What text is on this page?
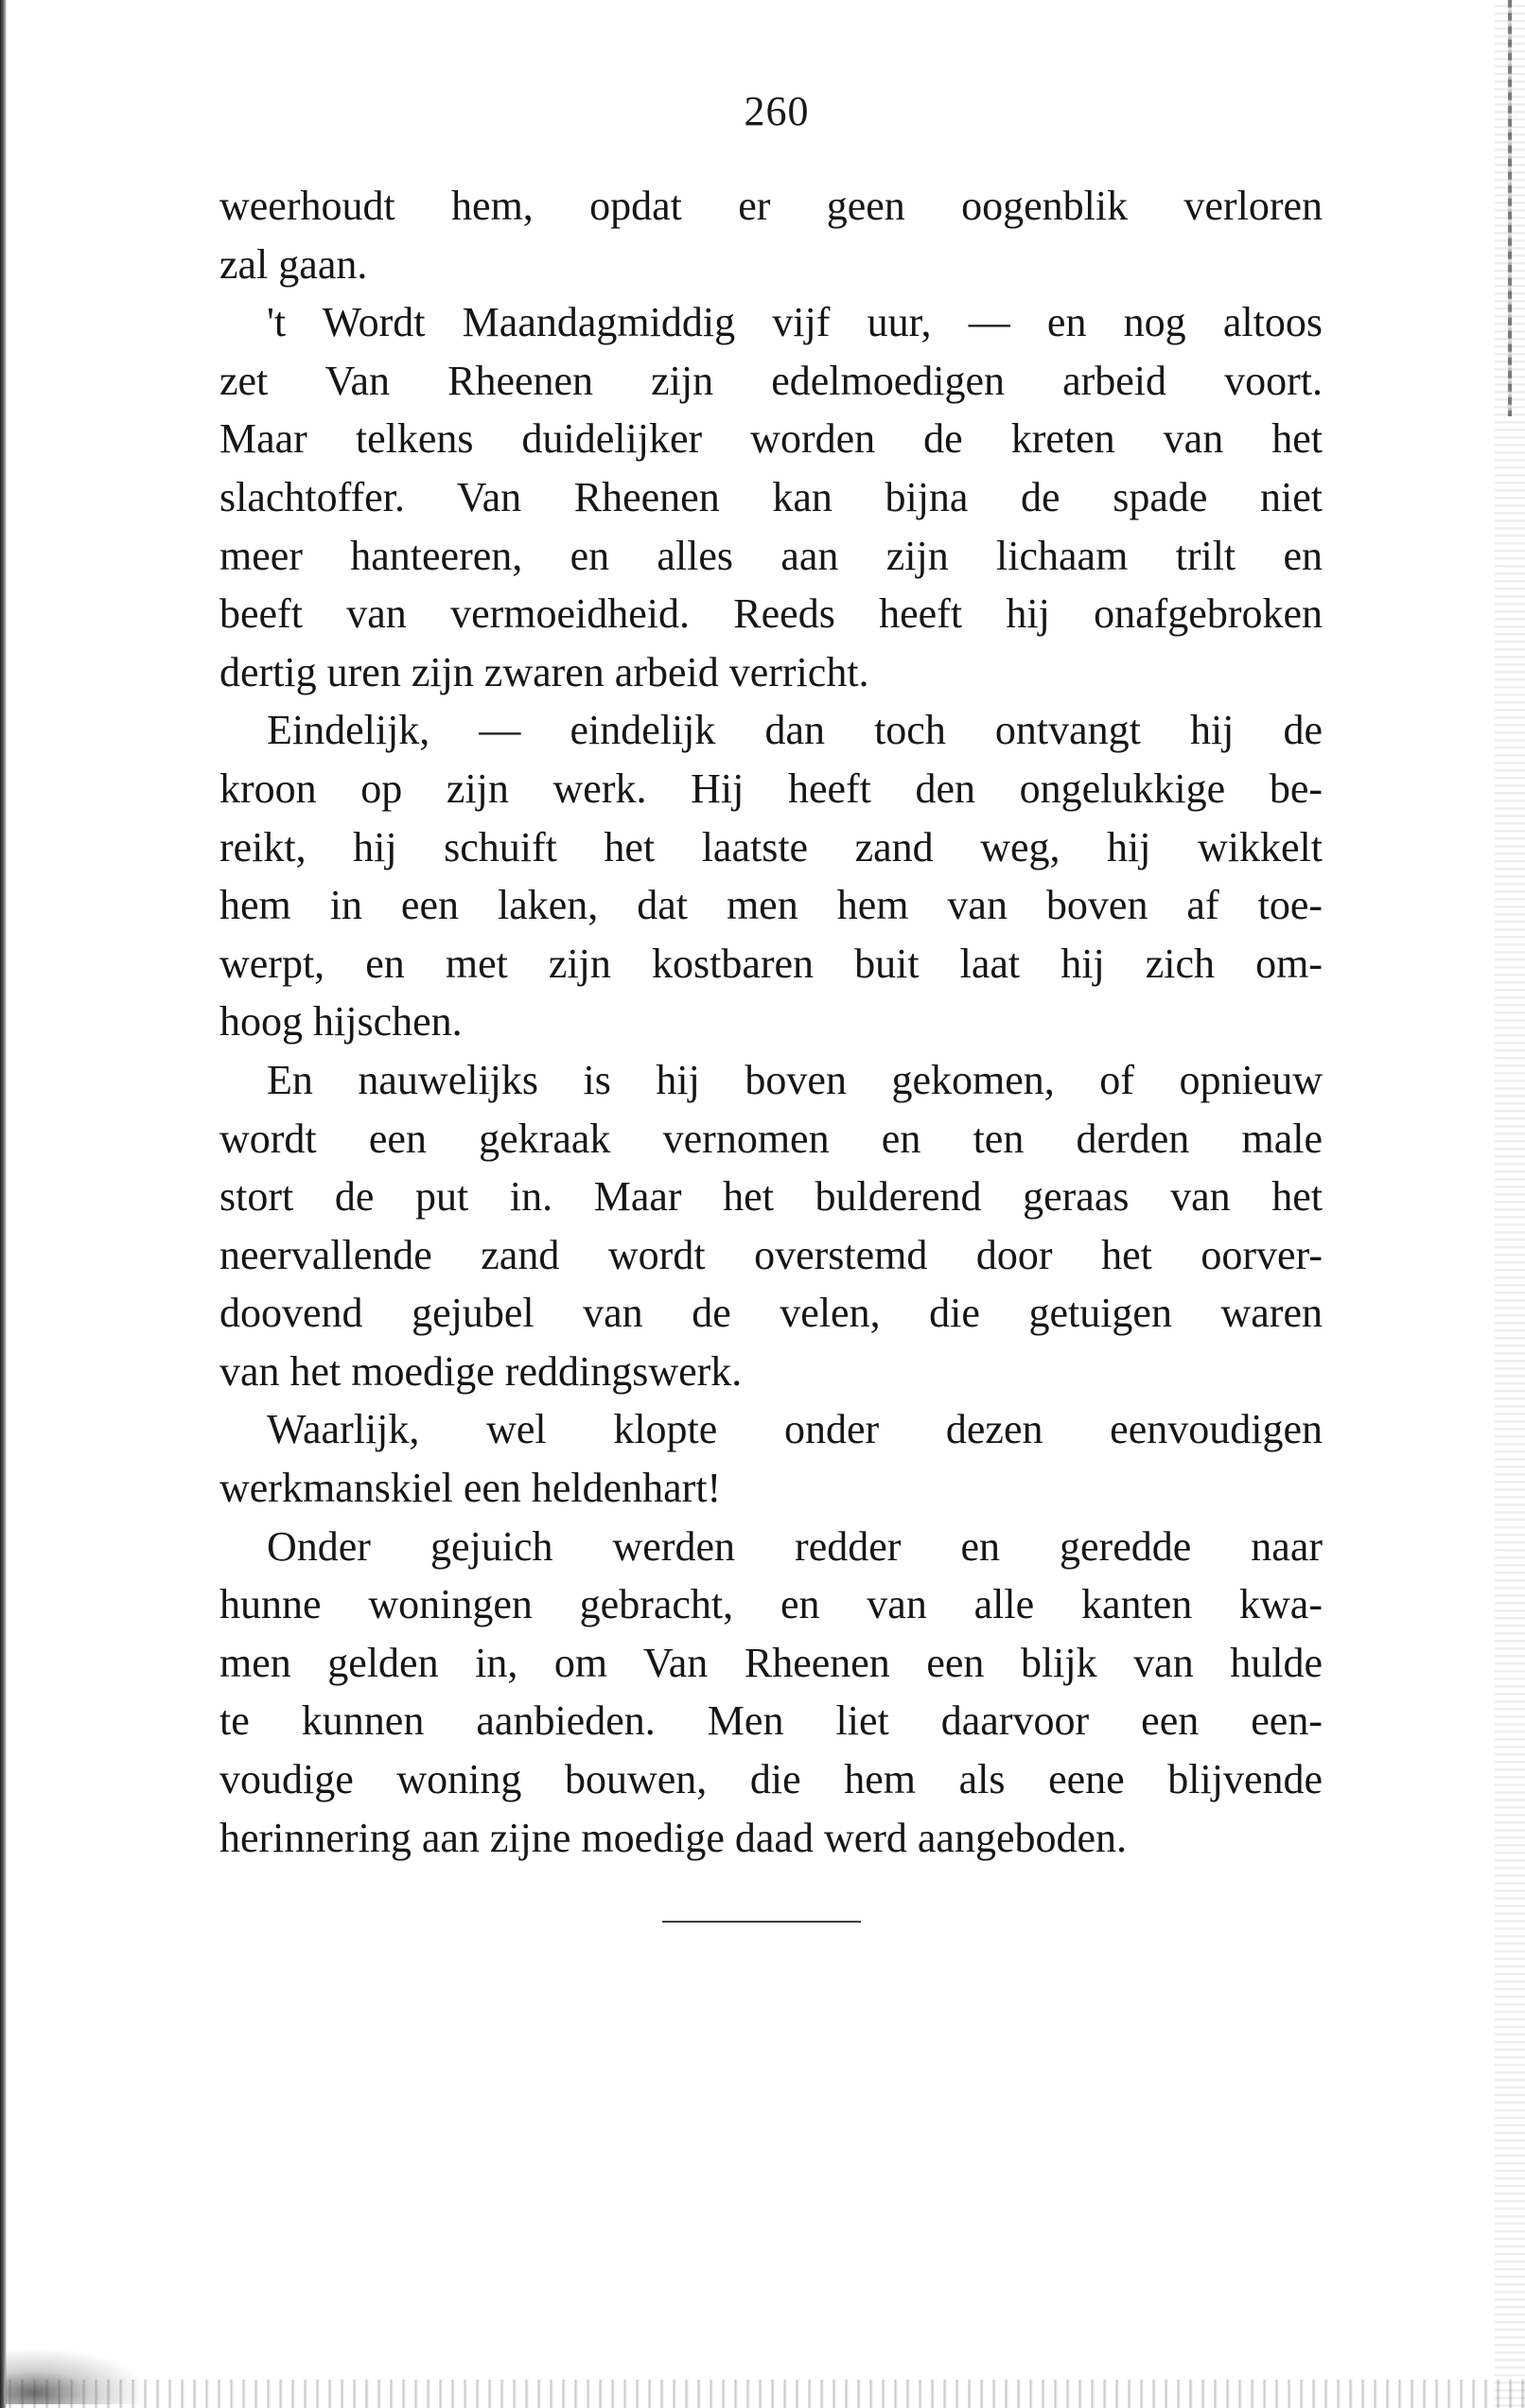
260
weerhoudt hem, opdat er geen oogenblik verloren
zal gaan.
't Wordt Maandagmiddig vijf uur, — en nog altoos
zet Van Rheenen zijn edelmoedigen arbeid voort.
Maar telkens duidelijker worden de kreten van het
slachtoffer. Van Rheenen kan bijna de spade niet
meer hanteeren, en alles aan zijn lichaam trilt en
beeft van vermoeidheid. Reeds heeft hij onafgebroken
dertig uren zijn zwaren arbeid verricht.
Eindelijk, — eindelijk dan toch ontvangt hij de
kroon op zijn werk. Hij heeft den ongelukkige be-
reikt, hij schuift het laatste zand weg, hij wikkelt
hem in een laken, dat men hem van boven af toe-
werpt, en met zijn kostbaren buit laat hij zich om-
hoog hijschen.
En nauwelijks is hij boven gekomen, of opnieuw
wordt een gekraak vernomen en ten derden male
stort de put in. Maar het bulderend geraas van het
neervallende zand wordt overstemd door het oorver-
doovend gejubel van de velen, die getuigen waren
van het moedige reddingswerk.
Waarlijk, wel klopte onder dezen eenvoudigen
werkmanskiel een heldenhart!
Onder gejuich werden redder en geredde naar
hunne woningen gebracht, en van alle kanten kwa-
men gelden in, om Van Rheenen een blijk van hulde
te kunnen aanbieden. Men liet daarvoor een een-
voudige woning bouwen, die hem als eene blijvende
herinnering aan zijne moedige daad werd aangeboden.
